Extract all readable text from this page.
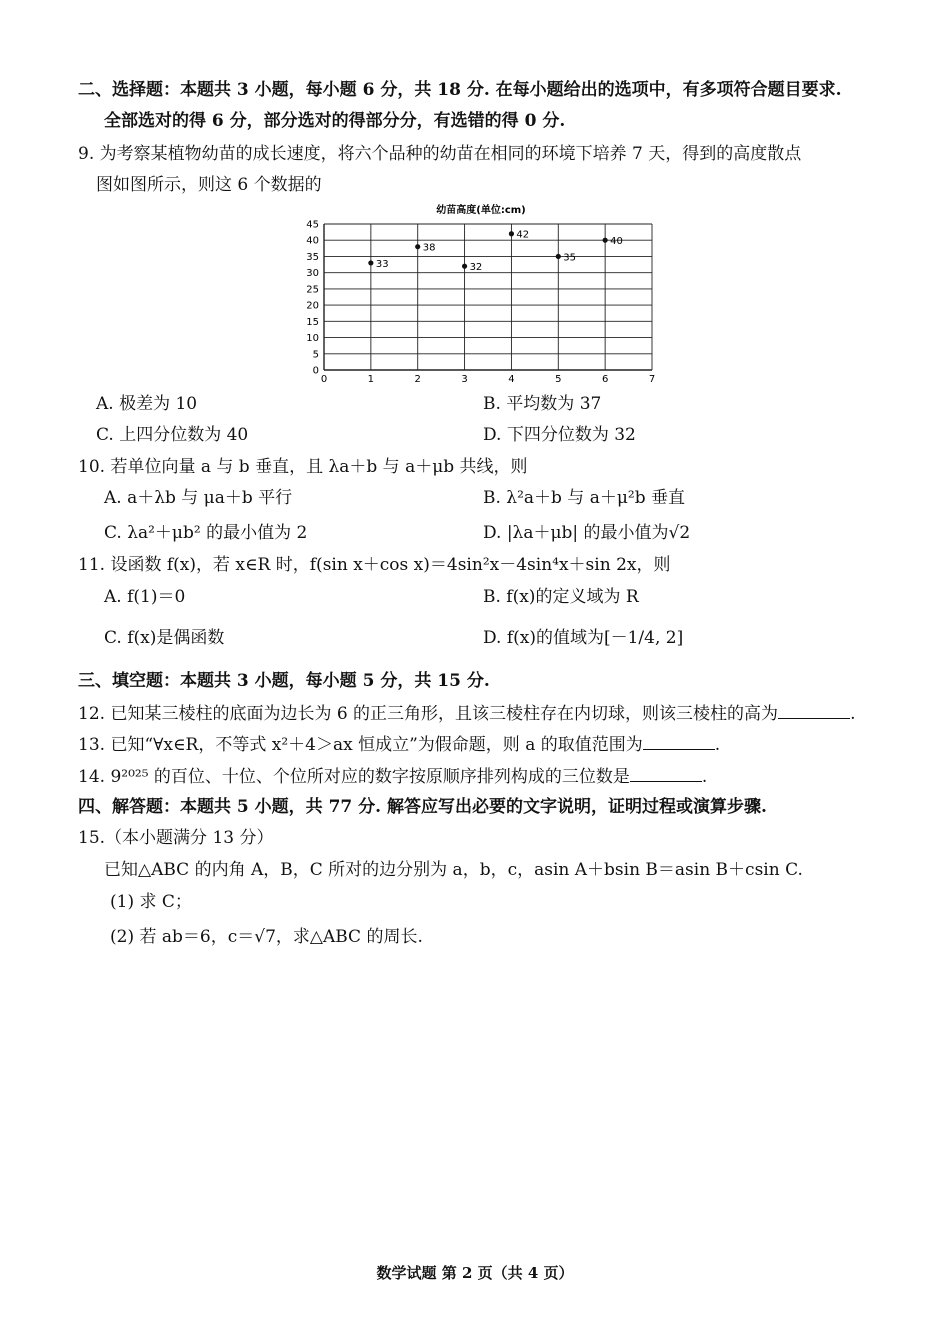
二、选择题：本题共 3 小题，每小题 6 分，共 18 分. 在每小题给出的选项中，有多项符合题目要求.
全部选对的得 6 分，部分选对的得部分分，有选错的得 0 分.
9. 为考察某植物幼苗的成长速度，将六个品种的幼苗在相同的环境下培养 7 天，得到的高度散点
图如图所示，则这 6 个数据的
幼苗高度(单位:cm)
0
5
10
15
20
25
30
35
40
45
0	1	2	3	4	5	6	7
33
38
32
42
35
40
A. 极差为 10	B. 平均数为 37
C. 上四分位数为 40	D. 下四分位数为 32
10. 若单位向量 a 与 b 垂直，且 λa＋b 与 a＋μb 共线，则
A. a＋λb 与 μa＋b 平行	B. λ²a＋b 与 a＋μ²b 垂直
C. λa²＋μb² 的最小值为 2	D. |λa＋μb| 的最小值为√2
11. 设函数 f(x)，若 x∈R 时，f(sin x＋cos x)＝4sin²x－4sin⁴x＋sin 2x，则
A. f(1)＝0	B. f(x)的定义域为 R
C. f(x)是偶函数	D. f(x)的值域为[－1/4, 2]
三、填空题：本题共 3 小题，每小题 5 分，共 15 分.
12. 已知某三棱柱的底面为边长为 6 的正三角形，且该三棱柱存在内切球，则该三棱柱的高为	.
13. 已知“∀x∈R，不等式 x²＋4＞ax 恒成立”为假命题，则 a 的取值范围为	.
14. 9²⁰²⁵ 的百位、十位、个位所对应的数字按原顺序排列构成的三位数是	.
四、解答题：本题共 5 小题，共 77 分. 解答应写出必要的文字说明，证明过程或演算步骤.
15.（本小题满分 13 分）
已知△ABC 的内角 A，B，C 所对的边分别为 a，b，c，asin A＋bsin B＝asin B＋csin C.
(1) 求 C；
(2) 若 ab＝6，c＝√7，求△ABC 的周长.
数学试题 第 2 页（共 4 页）
